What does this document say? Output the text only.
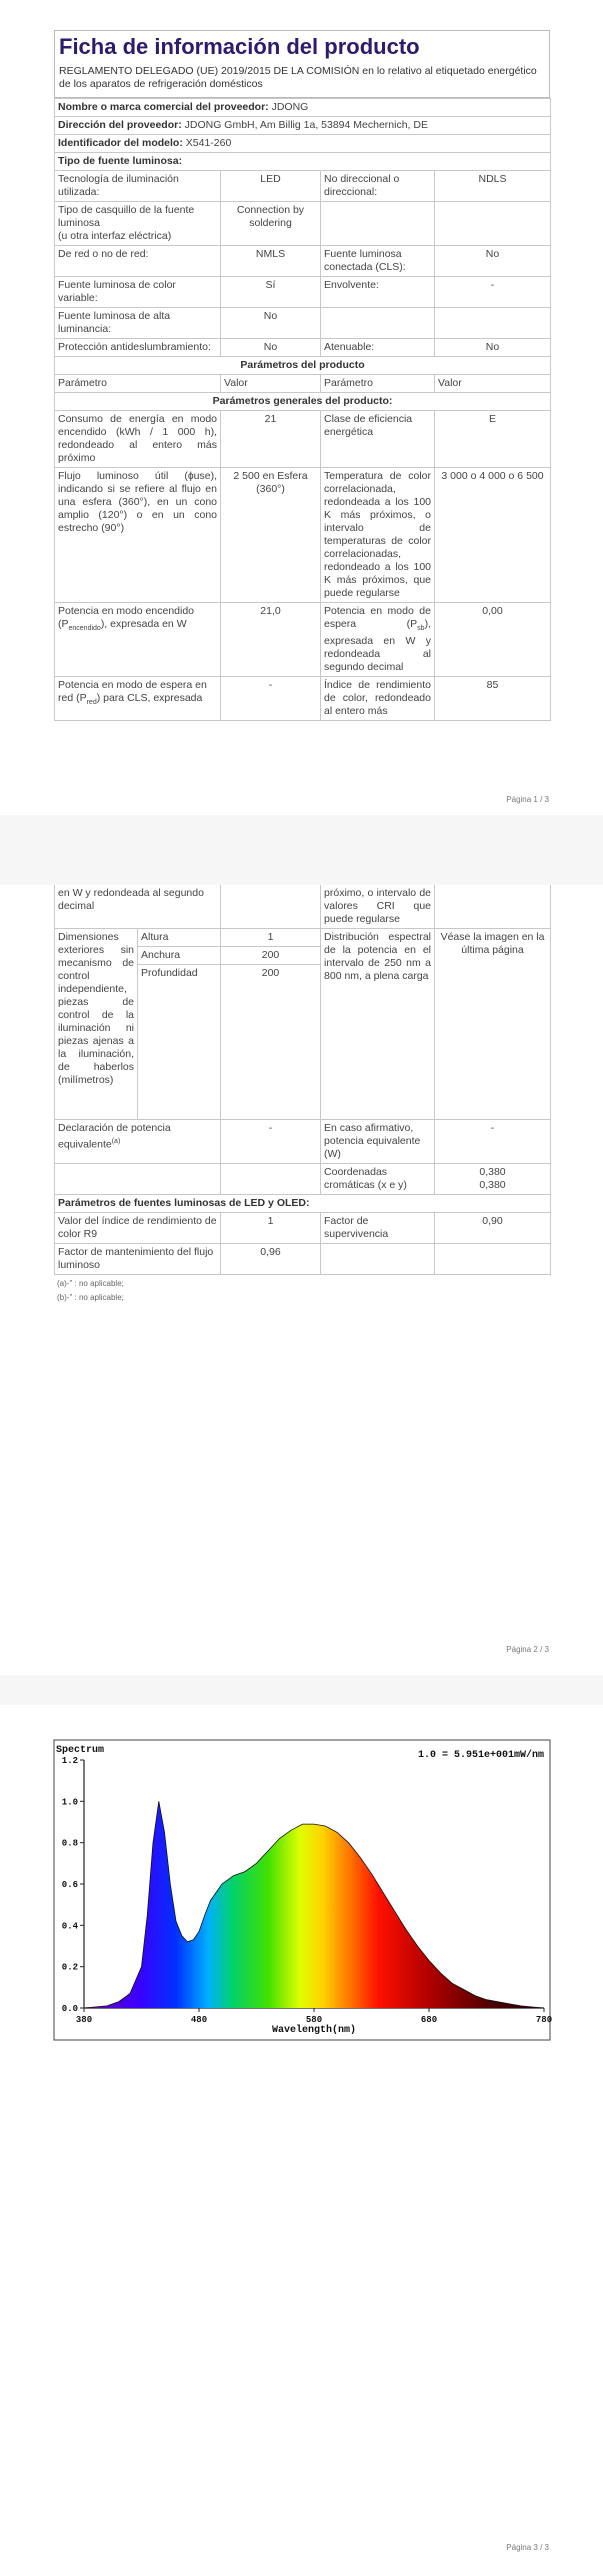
Ficha de información del producto
REGLAMENTO DELEGADO (UE) 2019/2015 DE LA COMISIÓN en lo relativo al etiquetado energético de los aparatos de refrigeración domésticos
Nombre o marca comercial del proveedor: JDONG			
Dirección del proveedor: JDONG GmbH, Am Billig 1a, 53894 Mechernich, DE			
Identificador del modelo: X541-260			
Tipo de fuente luminosa:			
Tecnología de iluminación utilizada:	LED	No direccional o direccional:	NDLS
Tipo de casquillo de la fuente luminosa
(u otra interfaz eléctrica)	Connection by soldering		
De red o no de red:	NMLS	Fuente luminosa conectada (CLS):	No
Fuente luminosa de color variable:	Sí	Envolvente:	-
Fuente luminosa de alta luminancia:	No		
Protección antideslumbramiento:	No	Atenuable:	No
Parámetros del producto			
Parámetro	Valor	Parámetro	Valor
Parámetros generales del producto:			
Consumo de energía en modo encendido (kWh / 1 000 h), redondeado al entero más próximo	21	Clase de eficiencia energética	E
Flujo luminoso útil (ɸuse), indicando si se refiere al flujo en una esfera (360°), en un cono amplio (120°) o en un cono estrecho (90°)	2 500 en Esfera (360°)	Temperatura de color correlacionada, redondeada a los 100 K más próximos, o intervalo de temperaturas de color correlacionadas, redondeado a los 100 K más próximos, que puede regularse	3 000 o 4 000 o 6 500
Potencia en modo encendido $(P_{encendido})$, expresada en W	21,0	Potencia en modo de espera $(P_{sb})$, expresada en W y redondeada al segundo decimal	0,00
Potencia en modo de espera en red $(P_{red})$ para CLS, expresada	-	Índice de rendimiento de color, redondeado al entero más	85
Página 1 / 3
en W y redondeada al segundo decimal			próximo, o intervalo de valores CRI que puede regularse	
Dimensiones exteriores sin mecanismo de control independiente, piezas de control de la iluminación ni piezas ajenas a la iluminación, de haberlos (milímetros)	Altura	1	Distribución espectral de la potencia en el intervalo de 250 nm a 800 nm, a plena carga	Véase la imagen en la última página
	Anchura	200		
	Profundidad	200		
Declaración de potencia equivalente$^{(a)}$		-	En caso afirmativo, potencia equivalente (W)	-
			Coordenadas cromáticas (x e y)	0,380
0,380

Parámetros de fuentes luminosas de LED y OLED:				
Valor del índice de rendimiento de color R9		1	Factor de supervivencia	0,90
Factor de mantenimiento del flujo luminoso		0,96		
(a)-" : no aplicable;
(b)-" : no aplicable;
Página 2 / 3
Spectrum	1.0 = 5.951e+001mW/nm
0.0
0.2
0.4
0.6
0.8
1.0
1.2
380	480	580	680	780
Wavelength(nm)
Página 3 / 3
